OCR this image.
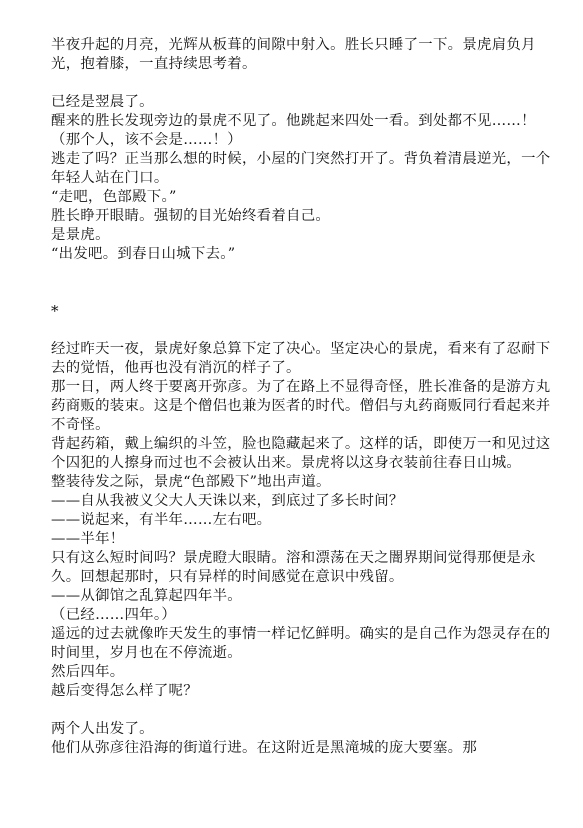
半夜升起的月亮，光辉从板葺的间隙中射入。胜长只睡了一下。景虎肩负月光，抱着膝，一直持续思考着。

已经是翌晨了。

醒来的胜长发现旁边的景虎不见了。他跳起来四处一看。到处都不见……！

（那个人，该不会是……！）

逃走了吗？正当那么想的时候，小屋的门突然打开了。背负着清晨逆光，一个年轻人站在门口。

“走吧，色部殿下。”

胜长睁开眼睛。强韧的目光始终看着自己。

是景虎。

“出发吧。到春日山城下去。”

*

经过昨天一夜，景虎好象总算下定了决心。坚定决心的景虎，看来有了忍耐下去的觉悟，他再也没有消沉的样子了。

那一日，两人终于要离开弥彦。为了在路上不显得奇怪，胜长准备的是游方丸药商贩的装束。这是个僧侣也兼为医者的时代。僧侣与丸药商贩同行看起来并不奇怪。

背起药箱，戴上编织的斗笠，脸也隐藏起来了。这样的话，即使万一和见过这个囚犯的人擦身而过也不会被认出来。景虎将以这身衣装前往春日山城。

整装待发之际，景虎“色部殿下”地出声道。

——自从我被义父大人天诛以来，到底过了多长时间？

——说起来，有半年……左右吧。

——半年！

只有这么短时间吗？景虎瞪大眼睛。溶和漂荡在天之闇界期间觉得那便是永久。回想起那时，只有异样的时间感觉在意识中残留。

——从御馆之乱算起四年半。

（已经……四年。）

遥远的过去就像昨天发生的事情一样记忆鲜明。确实的是自己作为怨灵存在的时间里，岁月也在不停流逝。

然后四年。

越后变得怎么样了呢？

两个人出发了。

他们从弥彦往沿海的街道行进。在这附近是黑滝城的庞大要塞。那
